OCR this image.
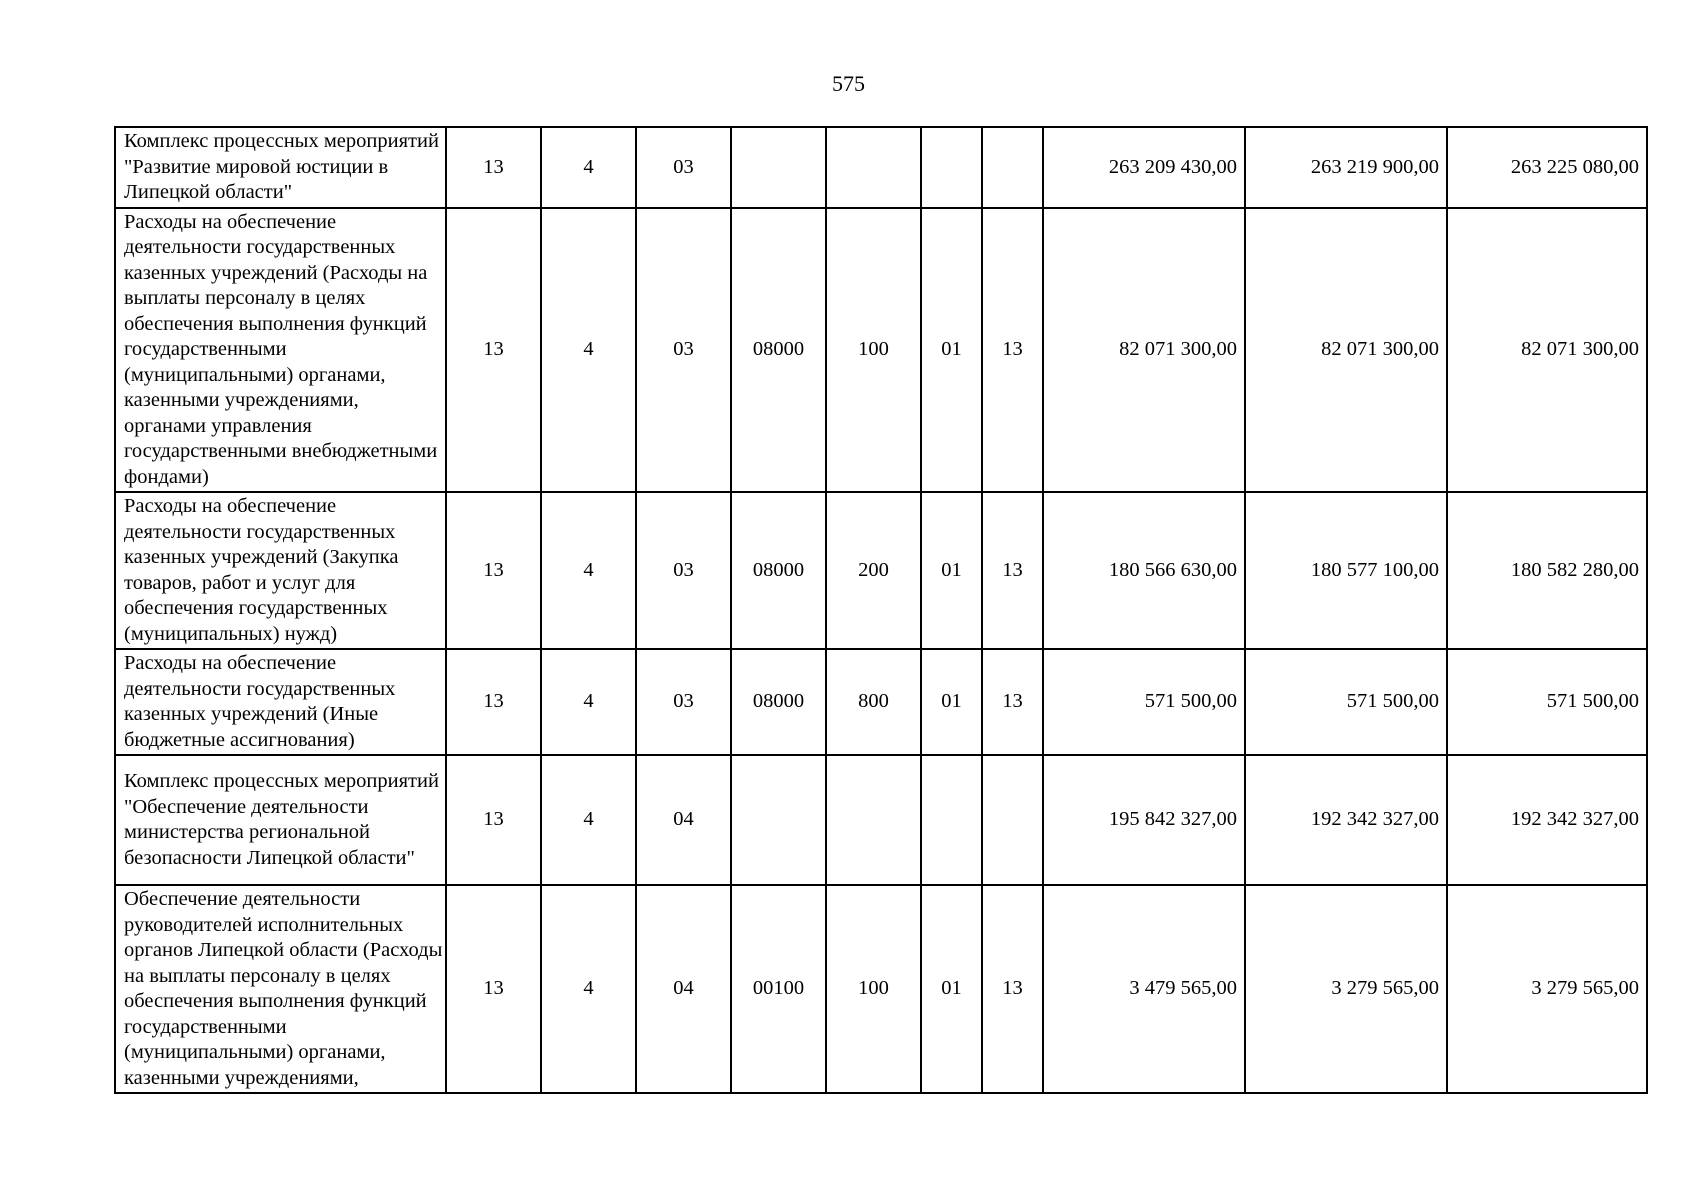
575
Комплекс процессных мероприятий "Развитие мировой юстиции в Липецкой области"	13	4	03					263 209 430,00	263 219 900,00	263 225 080,00
Расходы на обеспечение деятельности государственных казенных учреждений (Расходы на выплаты персоналу в целях обеспечения выполнения функций государственными (муниципальными) органами, казенными учреждениями, органами управления государственными внебюджетными фондами)	13	4	03	08000	100	01	13	82 071 300,00	82 071 300,00	82 071 300,00
Расходы на обеспечение деятельности государственных казенных учреждений (Закупка товаров, работ и услуг для обеспечения государственных (муниципальных) нужд)	13	4	03	08000	200	01	13	180 566 630,00	180 577 100,00	180 582 280,00
Расходы на обеспечение деятельности государственных казенных учреждений (Иные бюджетные ассигнования)	13	4	03	08000	800	01	13	571 500,00	571 500,00	571 500,00
Комплекс процессных мероприятий "Обеспечение деятельности министерства региональной безопасности Липецкой области"	13	4	04					195 842 327,00	192 342 327,00	192 342 327,00
Обеспечение деятельности руководителей исполнительных органов Липецкой области (Расходы на выплаты персоналу в целях обеспечения выполнения функций государственными (муниципальными) органами, казенными учреждениями,	13	4	04	00100	100	01	13	3 479 565,00	3 279 565,00	3 279 565,00
